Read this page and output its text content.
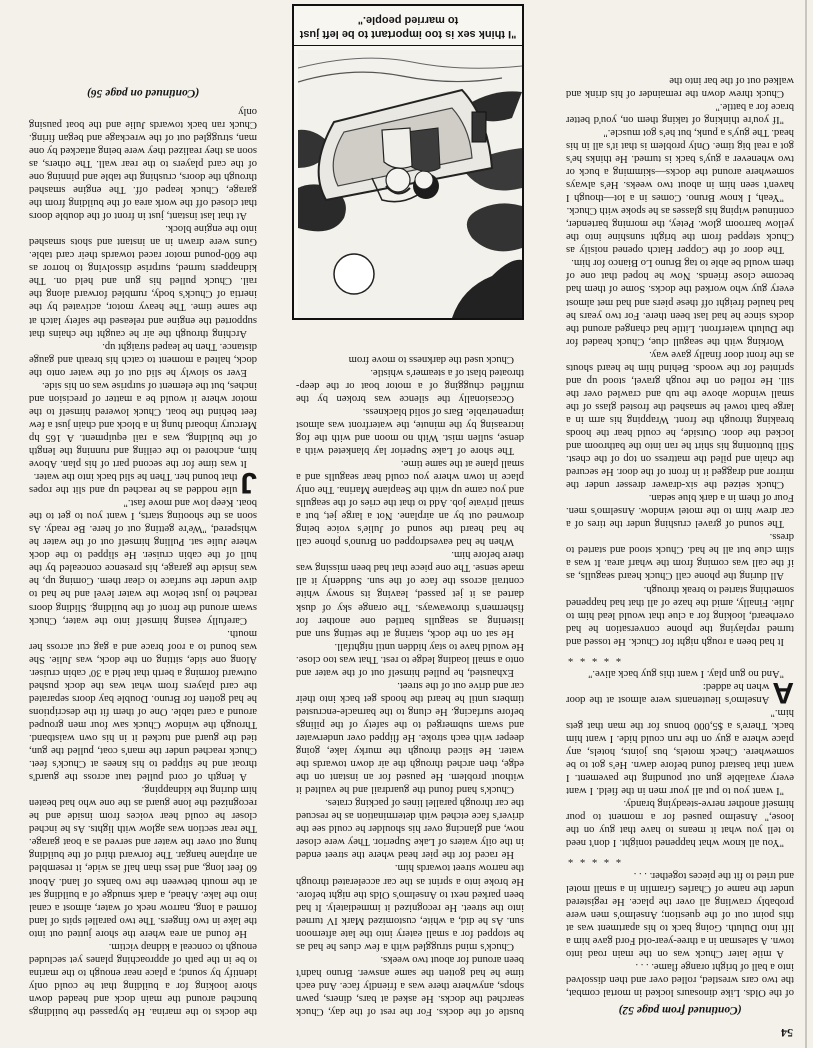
54

(Continued from page 52)

of the Olds. Like dinosaurs locked in mortal combat, the two cars wrestled, rolled over and then dissolved into a ball of bright orange flame. . . .

A mile later Chuck was on the main road into town. A salesman in a three-year-old Ford gave him a lift into Duluth. Going back to his apartment was at this point out of the question; Anselmo's men were probably crawling all over the place. He registered under the name of Charles Gramlin in a small motel and tried to fit the pieces together. . . .

* * * * *

"You all know what happened tonight. I don't need to tell you what it means to have that guy on the loose," Anselmo paused for a moment to pour himself another nerve-steadying brandy.

"I want you to put all your men in the field. I want every available gun out pounding the pavement. I want that bastard found before dawn. He's got to be somewhere. Check motels, bus joints, hotels, any place where a guy on the run could hide. I want him back. There's a $5,000 bonus for the man that gets him."

A
Anselmo's lieutenants were almost at the door when he added:

"And no gun play. I want this guy back alive."

* * * * *

It had been a rough night for Chuck. He tossed and turned replaying the phone conversation he had overheard, looking for a clue that would lead him to Julie. Finally, amid the haze of all that had happened something started to break through.

All during the phone call Chuck heard seagulls, as if the call was coming from the wharf area. It was a slim clue but all he had. Chuck stood and started to dress.

The sound of gravel crushing under the tires of a car drew him to the motel window. Anselmo's men. Four of them in a dark blue sedan.

Chuck seized the six-drawer dresser under the mirror and dragged it in front of the door. He secured the chain and piled the mattress on top of the chest. Still buttoning his shirt he ran into the bathroom and locked the door. Outside, he could hear the hoods breaking through the front. Wrapping his arm in a large bath towel he smashed the frosted glass of the small window above the tub and crawled over the sill. He rolled on the rough gravel, stood up and sprinted for the woods. Behind him he heard shouts as the front door finally gave way.

Working with the seagull clue, Chuck headed for the Duluth waterfront. Little had changed around the docks since he had last been there. For two years he had hauled freight off these piers and had met almost every guy who worked the docks. Some of them had become close friends. Now he hoped that one of them would be able to tag Bruno Lo Bianco for him.

The door of the Copper Hatch opened noisily as Chuck stepped from the bright sunshine into the yellow barroom glow. Petey, the morning bartender, continued wiping his glasses as he spoke with Chuck.

"Yeah, I know Bruno. Comes in a lot—though I haven't seen him in about two weeks. He's always somewhere around the docks—skimming a buck or two whenever a guy's back is turned. He thinks he's got a real big time. Only problem is that it's all in his head. The guy's a punk, but he's got muscle."

"If you're thinking of taking them on, you'd better brace for a battle."

Chuck threw down the remainder of his drink and walked out of the bar into the

bustle of the docks. For the rest of the day, Chuck searched the docks. He asked at bars, diners, pawn shops, anywhere there was a friendly face. And each time he had gotten the same answer. Bruno hadn't been around for about two weeks.

Chuck's mind struggled with a few clues he had as he stopped for a small eatery into the late afternoon sun. As he did, a white, customized Mark IV turned into the street. He recognized it immediately. It had been parked next to Anselmo's Olds the night before. He broke into a sprint as the car accelerated through the narrow street towards him.

He raced for the pier head where the street ended in the oily waters of Lake Superior. They were closer now, and glancing over his shoulder he could see the driver's face etched with determination as he rescued the car through parallel lines of packing crates.

Chuck's hand found the guardrail and he vaulted it without problem. He paused for an instant on the edge, then arched through the air down towards the water. He sliced through the murky lake, going deeper with each stroke. He flipped over underwater and swam submerged to the safety of the pilings before surfacing. He clung to the barnacle-encrusted timbers until he heard the hoods get back into their car and drive out of the street.

Exhausted, he pulled himself out of the water and onto a small loading ledge to rest. That was too close. He would have to stay hidden until nightfall.

He sat on the dock, staring at the setting sun and listening as seagulls battled one another for fishermen's throwaways. The orange sky of dusk darted as it jet passed, leaving its snowy white contrail across the face of the sun. Suddenly it all made sense. The one piece that had been missing was there before him.

When he had eavesdropped on Bruno's phone call he had heard the sound of Julie's voice being drowned out by an airplane. Not a large jet, but a small private job. Add to that the cries of the seagulls and you came up with the Seaplane Marina. The only place in town where you could hear seagulls and a small plane at the same time.

The shore of Lake Superior lay blanketed with a dense, sullen mist. With no moon and with the fog increasing by the minute, the waterfront was almost impenetrable. Bars of solid blackness.

Occasionally the silence was broken by the muffled chugging of a motor boat or the deep-throated blast of a steamer's whistle.

Chuck used the darkness to move from

"I think sex is too important to be left just to married people."

the docks to the marina. He bypassed the buildings bunched around the main dock and headed down shore looking for a building that he could only identify by sound; a place near enough to the marina to be in the path of approaching planes yet secluded enough to conceal a kidnap victim.

He found an area where the shore jutted out into the lake in two fingers. The two parallel spits of land formed a long, narrow neck of water, almost a canal into the lake. Ahead, a dark smudge of a building sat at the mouth between the two banks of land. About 60 feet long, and less than half as wide, it resembled an airplane hangar. The forward third of the building hung out over the water and served as a boat garage. The rear section was aglow with lights. As he inched closer he could hear voices from inside and he recognized the lone guard as the one who had beaten him during the kidnapping.

A length of cord pulled taut across the guard's throat and he slipped to his knees at Chuck's feet. Chuck reached under the man's coat, pulled the gun, tied the guard and tucked it in his own waistband. Through the window Chuck saw four men grouped around a card table. One of them fit the descriptions he had gotten for Bruno. Double bay doors separated the card players from what was the dock pushed outward forming a berth that held a 30' cabin cruiser. Along one side, sitting on the dock, was Julie. She was bound to a roof brace and a gag cut across her mouth.

Carefully easing himself into the water, Chuck swam around the front of the building. Sliding doors reached to just below the water level and he had to dive under the surface to clear them. Coming up, he was inside the garage, his presence concealed by the hull of the cabin cruiser. He slipped to the dock where Julie sat. Pulling himself out of the water he whispered, "We're getting out of here. Be ready. As soon as the shooting starts, I want you to get to the boat. Keep low and move fast."

J
ulie nodded as he reached up and slit the ropes that bound her. Then he slid back into the water.

It was time for the second part of his plan. Above him, anchored to the ceiling and running the length of the building, was a rail equipment. A 165 hp Mercury inboard hung in a block and chain just a few feet behind the boat. Chuck lowered himself to the motor where it would be a matter of precision and inches, but the element of surprise was on his side.

Ever so slowly he slid out of the water onto the dock, halted a moment to catch his breath and gauge distance. Then he leaped straight up.

Arching through the air he caught the chains that supported the engine and released the safety latch at the same time. The heavy motor, activated by the inertia of Chuck's body, rumbled forward along the rail. Chuck pulled his gun and held on. The kidnappers turned, surprise dissolving to horror as the 600-pound motor raced towards their card table. Guns were drawn in an instant and shots smashed into the engine block.

At that last instant, just in front of the double doors that closed off the work area of the building from the garage, Chuck leaped off. The engine smashed through the doors, crushing the table and pinning one of the card players to the rear wall. The others, as soon as they realized they were being attacked by one man, struggled out of the wreckage and began firing. Chuck ran back towards Julie and the boat pausing only

(Continued on page 56)
